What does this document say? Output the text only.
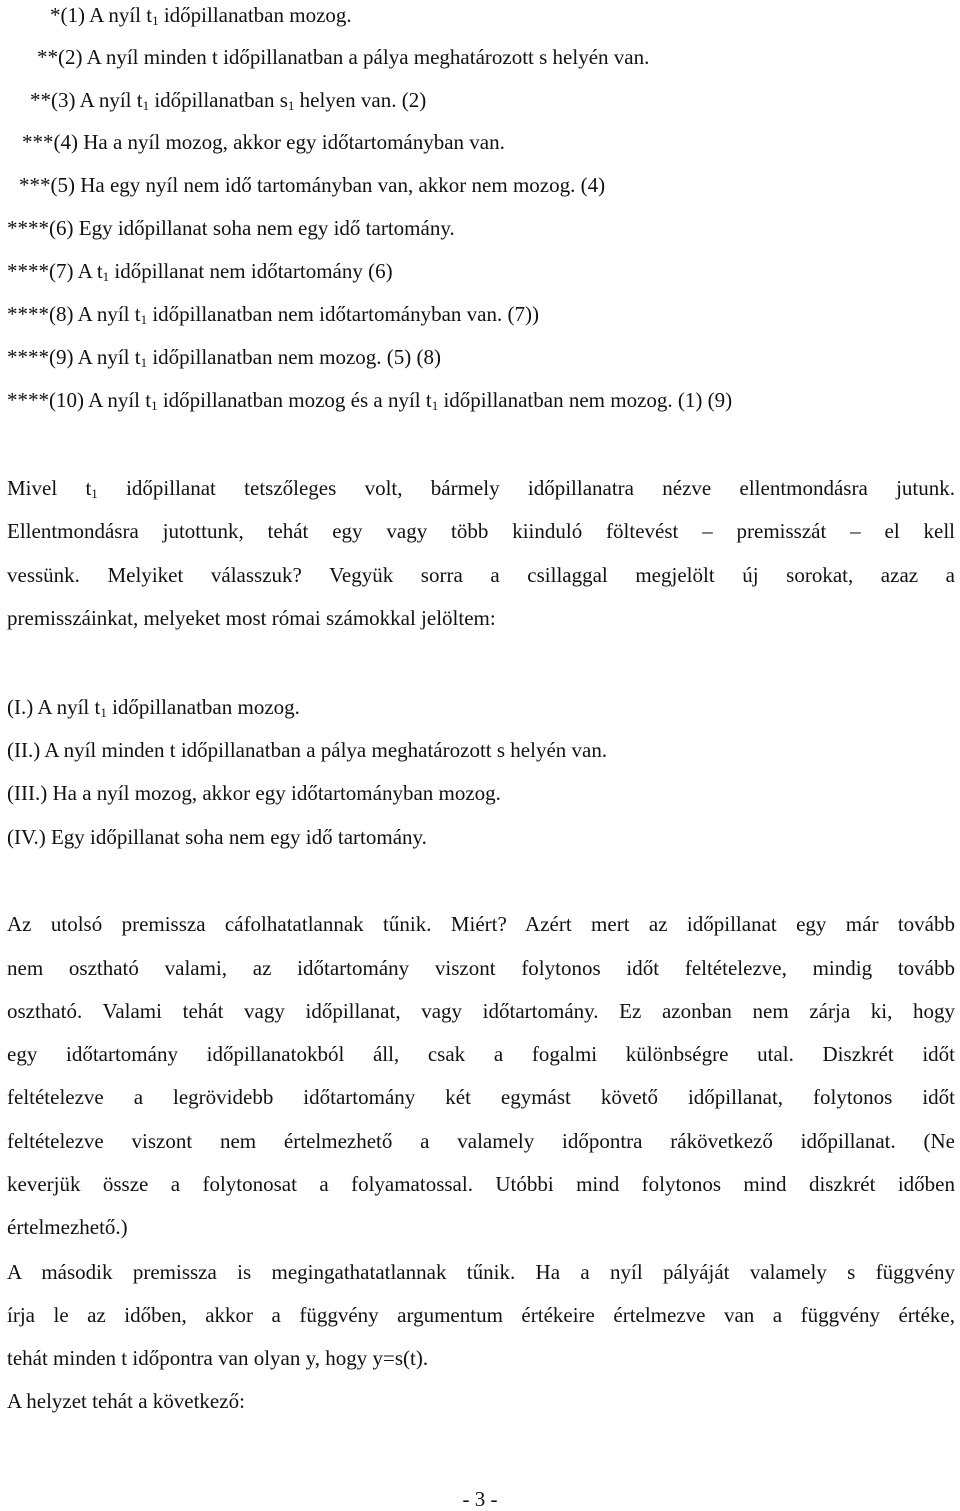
*(1) A nyíl $t_1$ időpillanatban mozog.
**(2) A nyíl minden t időpillanatban a pálya meghatározott s helyén van.
**(3) A nyíl $t_1$ időpillanatban $s_1$ helyen van. (2)
***(4) Ha a nyíl mozog, akkor egy időtartományban van.
***(5) Ha egy nyíl nem idő tartományban van, akkor nem mozog. (4)
****(6) Egy időpillanat soha nem egy idő tartomány.
****(7) A $t_1$ időpillanat nem időtartomány (6)
****(8) A nyíl $t_1$ időpillanatban nem időtartományban van. (7))
****(9) A nyíl $t_1$ időpillanatban nem mozog. (5) (8)
****(10) A nyíl $t_1$ időpillanatban mozog és a nyíl $t_1$ időpillanatban nem mozog. (1) (9)
Mivel $t_1$ időpillanat tetszőleges volt, bármely időpillanatra nézve ellentmondásra jutunk.
Ellentmondásra jutottunk, tehát egy vagy több kiinduló föltevést – premisszát – el kell
vessünk. Melyiket válasszuk? Vegyük sorra a csillaggal megjelölt új sorokat, azaz a
premisszáinkat, melyeket most római számokkal jelöltem:
(I.) A nyíl $t_1$ időpillanatban mozog.
(II.) A nyíl minden t időpillanatban a pálya meghatározott s helyén van.
(III.) Ha a nyíl mozog, akkor egy időtartományban mozog.
(IV.) Egy időpillanat soha nem egy idő tartomány.
Az utolsó premissza cáfolhatatlannak tűnik. Miért? Azért mert az időpillanat egy már tovább
nem osztható valami, az időtartomány viszont folytonos időt feltételezve, mindig tovább
osztható. Valami tehát vagy időpillanat, vagy időtartomány. Ez azonban nem zárja ki, hogy
egy időtartomány időpillanatokból áll, csak a fogalmi különbségre utal. Diszkrét időt
feltételezve a legrövidebb időtartomány két egymást követő időpillanat, folytonos időt
feltételezve viszont nem értelmezhető a valamely időpontra rákövetkező időpillanat. (Ne
keverjük össze a folytonosat a folyamatossal. Utóbbi mind folytonos mind diszkrét időben
értelmezhető.)
A második premissza is megingathatatlannak tűnik. Ha a nyíl pályáját valamely s függvény
írja le az időben, akkor a függvény argumentum értékeire értelmezve van a függvény értéke,
tehát minden t időpontra van olyan y, hogy y=s(t).
A helyzet tehát a következő:
- 3 -
